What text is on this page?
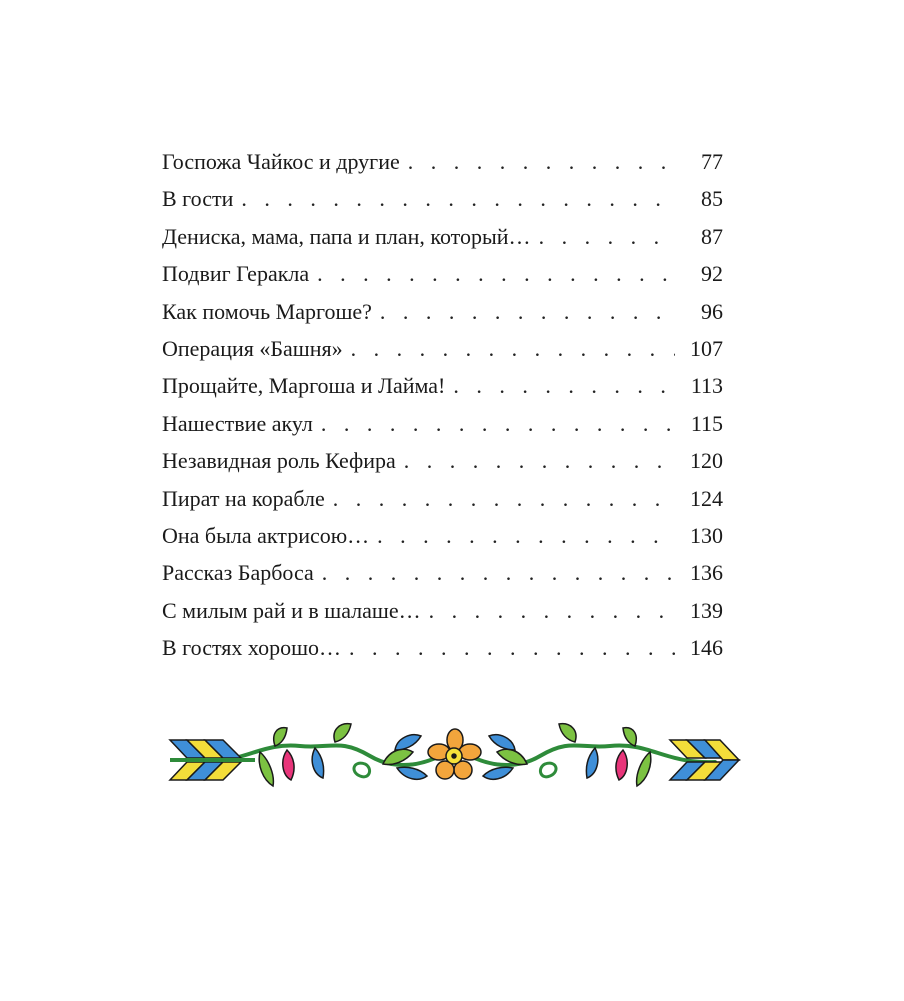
Госпожа Чайкос и другие . . .	77
В гости . . .	85
Дениска, мама, папа и план, который… . . .	87
Подвиг Геракла . . .	92
Как помочь Маргоше? . . .	96
Операция «Башня» . . .	107
Прощайте, Маргоша и Лайма! . . .	113
Нашествие акул . . .	115
Незавидная роль Кефира . . .	120
Пират на корабле . . .	124
Она была актрисою… . . .	130
Рассказ Барбоса . . .	136
С милым рай и в шалаше… . . .	139
В гостях хорошо… . . .	146
